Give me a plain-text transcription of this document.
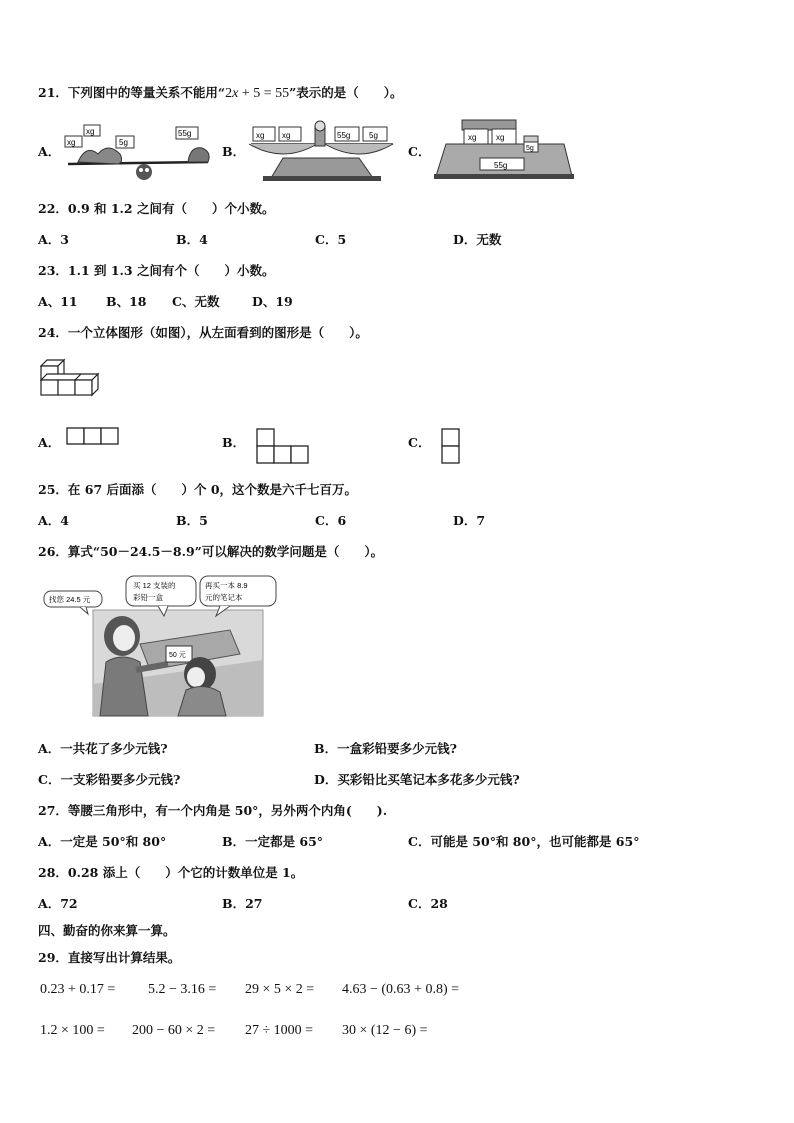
21．下列图中的等量关系不能用“2x + 5 = 55”表示的是（　　）。
A．
xg
xg
5g
55g
B．
xg xg	55g 5g
C．
xg xg
5g
55g
22．0.9 和 1.2 之间有（　　）个小数。
A．3	B．4	C．5	D．无数
23．1.1 到 1.3 之间有个（　　）小数。
A、11 B、18 C、无数	D、19
24．一个立体图形（如图），从左面看到的图形是（　　）。
A．	B．	C．
25．在 67 后面添（　　）个 0，这个数是六千七百万。
A．4	B．5	C．6	D．7
26．算式“50－24.5－8.9”可以解决的数学问题是（　　）。
50 元
找您 24.5 元
买 12 支装的
彩铅一盒
再买一本 8.9
元的笔记本
A．一共花了多少元钱?	B．一盒彩铅要多少元钱?
C．一支彩铅要多少元钱?	D．买彩铅比买笔记本多花多少元钱?
27．等腰三角形中，有一个内角是 50°，另外两个内角(　　).
A．一定是 50°和 80°	B．一定都是 65°	C．可能是 50°和 80°，也可能都是 65°
28．0.28 添上（　　）个它的计数单位是 1。
A．72	B．27	C．28
四、勤奋的你来算一算。
29．直接写出计算结果。
0.23 + 0.17 = 5.2 − 3.16 = 29 × 5 × 2 = 4.63 − (0.63 + 0.8) =
1.2 × 100 = 200 − 60 × 2 = 27 ÷ 1000 = 30 × (12 − 6) =
